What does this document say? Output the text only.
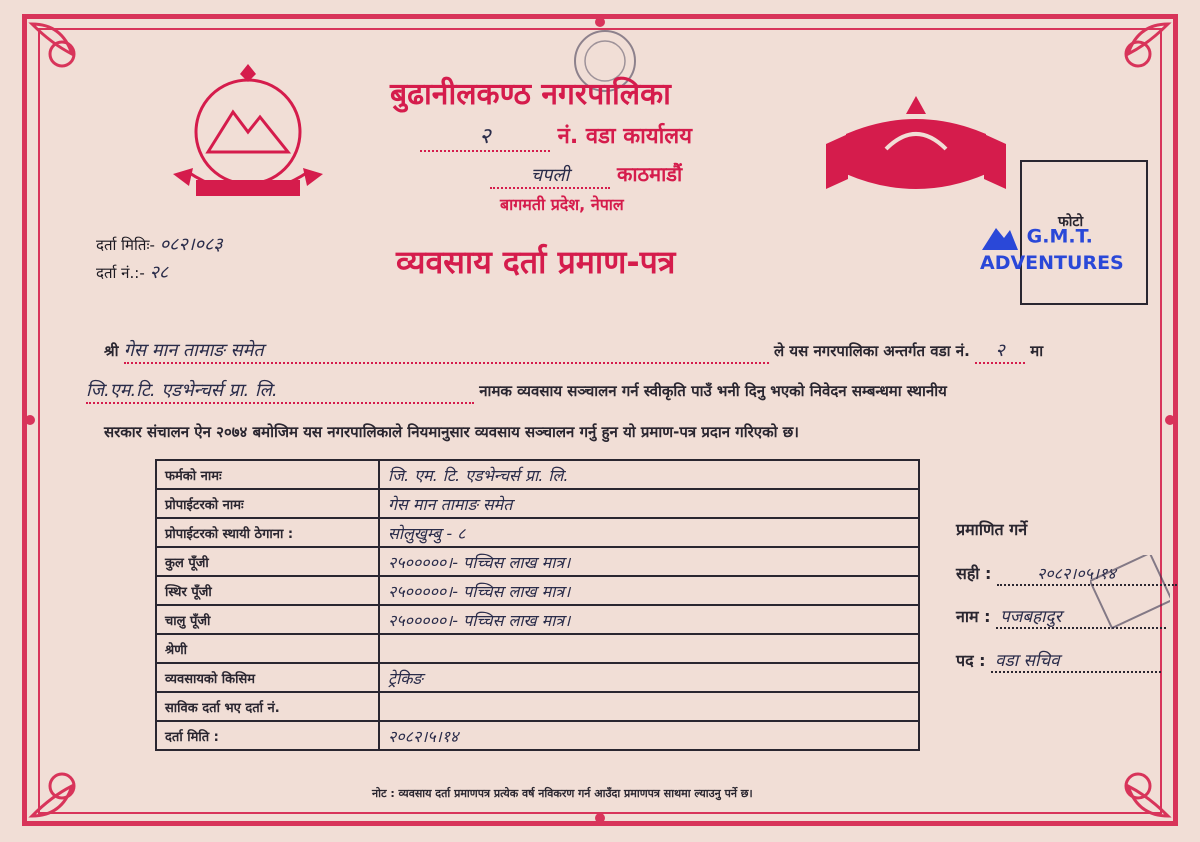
बुढानीलकण्ठ नगरपालिका
२	नं. वडा कार्यालय
चपली काठमाडौं
बागमती प्रदेश, नेपाल
दर्ता मितिः- ०८२।०८३
दर्ता नं.:- २८	व्यवसाय दर्ता प्रमाण-पत्र
फोटो
G.M.T. ADVENTURES
श्री गेस मान तामाङ समेत	ले यस नगरपालिका अन्तर्गत वडा नं. २ मा
जि.एम.टि. एडभेन्चर्स प्रा. लि.	नामक व्यवसाय सञ्चालन गर्न स्वीकृति पाउँ भनी दिनु भएको निवेदन सम्बन्धमा स्थानीय
सरकार संचालन ऐन २०७४ बमोजिम यस नगरपालिकाले नियमानुसार व्यवसाय सञ्चालन गर्नु हुन यो प्रमाण-पत्र प्रदान गरिएको छ।
फर्मको नामः	जि. एम. टि. एडभेन्चर्स प्रा. लि.
प्रोपाईटरको नामः	गेस मान तामाङ समेत
प्रोपाईटरको स्थायी ठेगाना :	सोलुखुम्बु - ८
कुल पूँजी	२५०००००।- पच्चिस लाख मात्र।
स्थिर पूँजी	२५०००००।- पच्चिस लाख मात्र।
चालु पूँजी	२५०००००।- पच्चिस लाख मात्र।
श्रेणी	
व्यवसायको किसिम	ट्रेकिङ
साविक दर्ता भए दर्ता नं.	
दर्ता मिति :	२०८२।५।१४
प्रमाणित गर्ने
सही :	२०८२।०५।१४
नाम : पजबहादुर
पद : वडा सचिव
नोट : व्यवसाय दर्ता प्रमाणपत्र प्रत्येक वर्ष नविकरण गर्न आउँदा प्रमाणपत्र साथमा ल्याउनु पर्ने छ।
